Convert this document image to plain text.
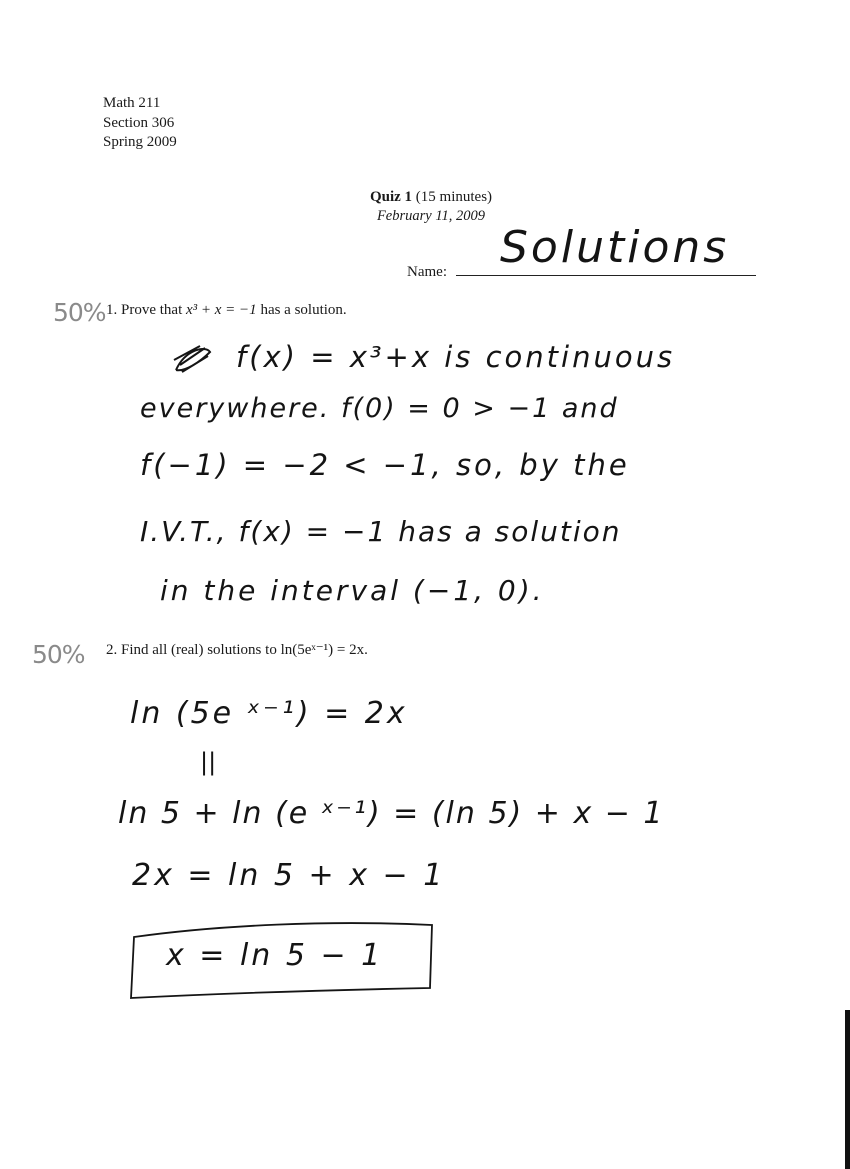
Math 211
Section 306
Spring 2009
Quiz 1 (15 minutes)
February 11, 2009
Name: Solutions
50% 1. Prove that x³ + x = −1 has a solution.
f(x) = x³+x is continuous
everywhere. f(0) = 0 > −1 and
f(−1) = −2 < −1, so, by the
I.V.T., f(x) = −1 has a solution
in the interval (−1, 0).
50% 2. Find all (real) solutions to ln(5eˣ⁻¹) = 2x.
ln (5e ˣ⁻¹) = 2x
||
ln 5 + ln (e ˣ⁻¹) = (ln 5) + x − 1
2x = ln 5 + x − 1
x = ln 5 − 1
